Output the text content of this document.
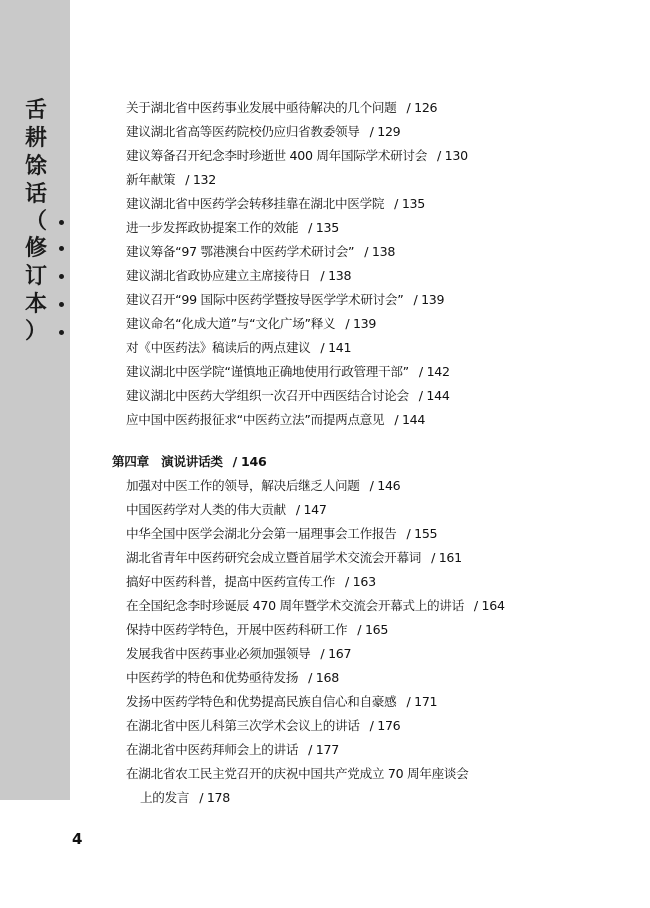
舌
耕
馀
话
（
修
订
本
）
关于湖北省中医药事业发展中亟待解决的几个问题 / 126
建议湖北省高等医药院校仍应归省教委领导 / 129
建议筹备召开纪念李时珍逝世 400 周年国际学术研讨会 / 130
新年献策 / 132
建议湖北省中医药学会转移挂靠在湖北中医学院 / 135
进一步发挥政协提案工作的效能 / 135
建议筹备“97 鄂港澳台中医药学术研讨会” / 138
建议湖北省政协应建立主席接待日 / 138
建议召开“99 国际中医药学暨按导医学学术研讨会” / 139
建议命名“化成大道”与“文化广场”释义 / 139
对《中医药法》稿读后的两点建议 / 141
建议湖北中医学院“谨慎地正确地使用行政管理干部” / 142
建议湖北中医药大学组织一次召开中西医结合讨论会 / 144
应中国中医药报征求“中医药立法”而提两点意见 / 144
第四章　演说讲话类 / 146
加强对中医工作的领导，解决后继乏人问题 / 146
中国医药学对人类的伟大贡献 / 147
中华全国中医学会湖北分会第一届理事会工作报告 / 155
湖北省青年中医药研究会成立暨首届学术交流会开幕词 / 161
搞好中医药科普，提高中医药宣传工作 / 163
在全国纪念李时珍诞辰 470 周年暨学术交流会开幕式上的讲话 / 164
保持中医药学特色，开展中医药科研工作 / 165
发展我省中医药事业必须加强领导 / 167
中医药学的特色和优势亟待发扬 / 168
发扬中医药学特色和优势提高民族自信心和自豪感 / 171
在湖北省中医儿科第三次学术会议上的讲话 / 176
在湖北省中医药拜师会上的讲话 / 177
在湖北省农工民主党召开的庆祝中国共产党成立 70 周年座谈会
上的发言 / 178
4
